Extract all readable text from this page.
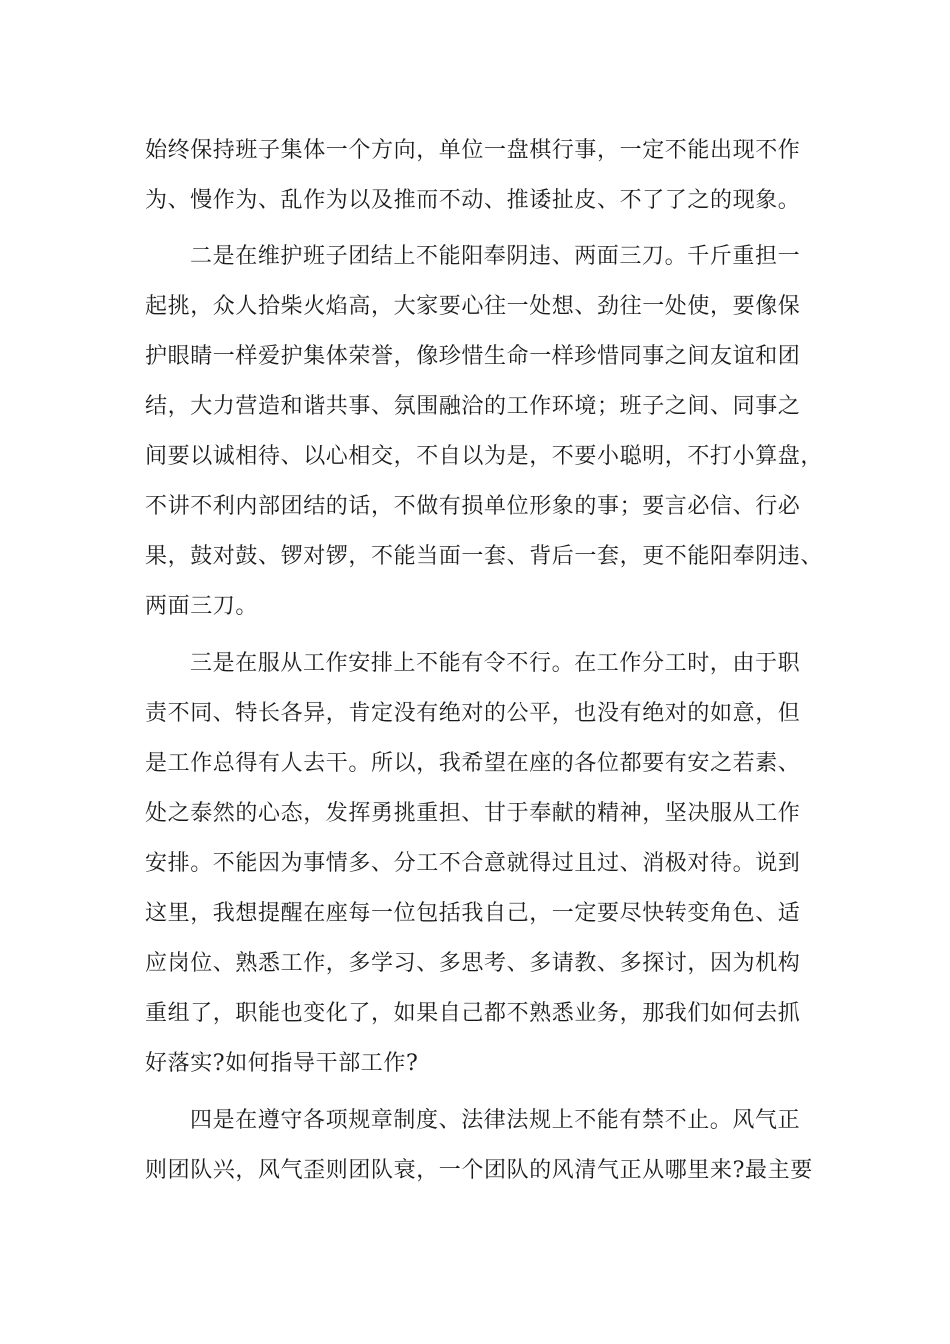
始终保持班子集体一个方向，单位一盘棋行事，一定不能出现不作
为、慢作为、乱作为以及推而不动、推诿扯皮、不了了之的现象。
二是在维护班子团结上不能阳奉阴违、两面三刀。千斤重担一
起挑，众人拾柴火焰高，大家要心往一处想、劲往一处使，要像保
护眼睛一样爱护集体荣誉，像珍惜生命一样珍惜同事之间友谊和团
结，大力营造和谐共事、氛围融洽的工作环境；班子之间、同事之
间要以诚相待、以心相交，不自以为是，不要小聪明，不打小算盘，
不讲不利内部团结的话，不做有损单位形象的事；要言必信、行必
果，鼓对鼓、锣对锣，不能当面一套、背后一套，更不能阳奉阴违、
两面三刀。
三是在服从工作安排上不能有令不行。在工作分工时，由于职
责不同、特长各异，肯定没有绝对的公平，也没有绝对的如意，但
是工作总得有人去干。所以，我希望在座的各位都要有安之若素、
处之泰然的心态，发挥勇挑重担、甘于奉献的精神，坚决服从工作
安排。不能因为事情多、分工不合意就得过且过、消极对待。说到
这里，我想提醒在座每一位包括我自己，一定要尽快转变角色、适
应岗位、熟悉工作，多学习、多思考、多请教、多探讨，因为机构
重组了，职能也变化了，如果自己都不熟悉业务，那我们如何去抓
好落实?如何指导干部工作?
四是在遵守各项规章制度、法律法规上不能有禁不止。风气正
则团队兴，风气歪则团队衰，一个团队的风清气正从哪里来?最主要
